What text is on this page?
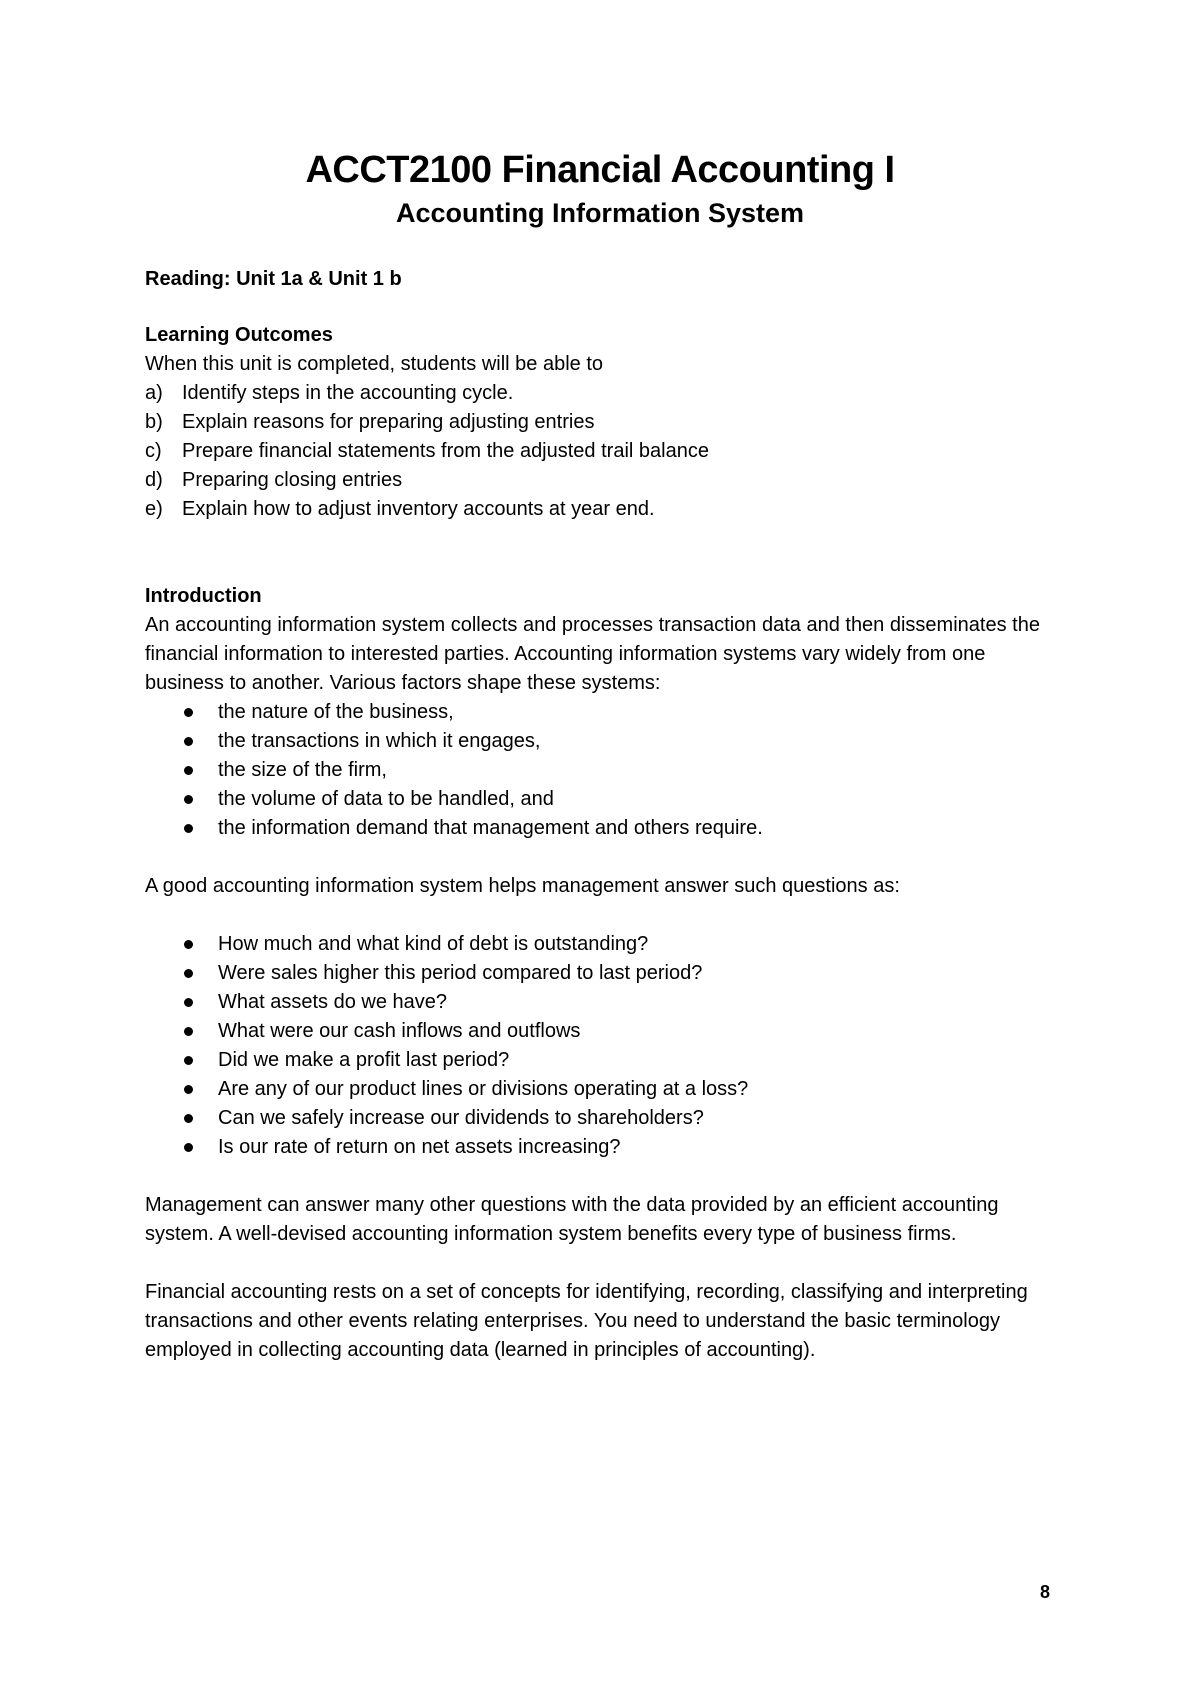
ACCT2100 Financial Accounting I
Accounting Information System

Reading: Unit 1a & Unit 1 b

Learning Outcomes

When this unit is completed, students will be able to

a) Identify steps in the accounting cycle.
b) Explain reasons for preparing adjusting entries
c) Prepare financial statements from the adjusted trail balance
d) Preparing closing entries
e) Explain how to adjust inventory accounts at year end.

Introduction

An accounting information system collects and processes transaction data and then disseminates the financial information to interested parties. Accounting information systems vary widely from one business to another. Various factors shape these systems:

the nature of the business,
the transactions in which it engages,
the size of the firm,
the volume of data to be handled, and
the information demand that management and others require.

A good accounting information system helps management answer such questions as:

How much and what kind of debt is outstanding?
Were sales higher this period compared to last period?
What assets do we have?
What were our cash inflows and outflows
Did we make a profit last period?
Are any of our product lines or divisions operating at a loss?
Can we safely increase our dividends to shareholders?
Is our rate of return on net assets increasing?

Management can answer many other questions with the data provided by an efficient accounting system. A well-devised accounting information system benefits every type of business firms.

Financial accounting rests on a set of concepts for identifying, recording, classifying and interpreting transactions and other events relating enterprises. You need to understand the basic terminology employed in collecting accounting data (learned in principles of accounting).

8
